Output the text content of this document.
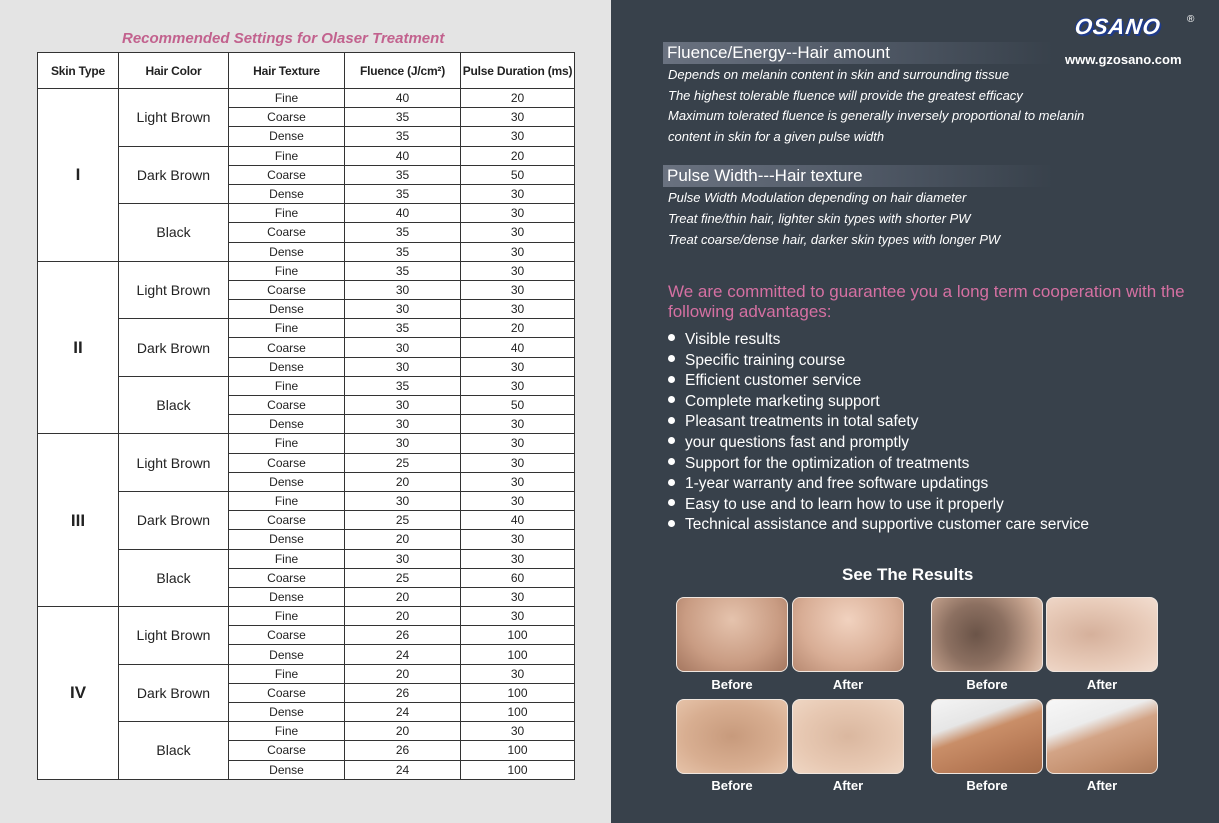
Recommended Settings for Olaser Treatment
Skin Type	Hair Color	Hair Texture	Fluence (J/cm²)	Pulse Duration (ms)
I	Light Brown	Fine	40	20
		Coarse	35	30
		Dense	35	30
	Dark Brown	Fine	40	20
		Coarse	35	50
		Dense	35	30
	Black	Fine	40	30
		Coarse	35	30
		Dense	35	30
II	Light Brown	Fine	35	30
		Coarse	30	30
		Dense	30	30
	Dark Brown	Fine	35	20
		Coarse	30	40
		Dense	30	30
	Black	Fine	35	30
		Coarse	30	50
		Dense	30	30
III	Light Brown	Fine	30	30
		Coarse	25	30
		Dense	20	30
	Dark Brown	Fine	30	30
		Coarse	25	40
		Dense	20	30
	Black	Fine	30	30
		Coarse	25	60
		Dense	20	30
IV	Light Brown	Fine	20	30
		Coarse	26	100
		Dense	24	100
	Dark Brown	Fine	20	30
		Coarse	26	100
		Dense	24	100
	Black	Fine	20	30
		Coarse	26	100
		Dense	24	100
OSANO	®
www.gzosano.com
Fluence/Energy--Hair amount
Depends on melanin content in skin and surrounding tissue
The highest tolerable fluence will provide the greatest efficacy
Maximum tolerated fluence is generally inversely proportional to melanin
content in skin for a given pulse width
Pulse Width---Hair texture
Pulse Width Modulation depending on hair diameter
Treat fine/thin hair, lighter skin types with shorter PW
Treat coarse/dense hair, darker skin types with longer PW
We are committed to guarantee you a long term cooperation with the following advantages:
Visible results
Specific training course
Efficient customer service
Complete marketing support
Pleasant treatments in total safety
your questions fast and promptly
Support for the optimization of treatments
1-year warranty and free software updatings
Easy to use and to learn how to use it properly
Technical assistance and supportive customer care service
See The Results
Before	After	Before	After
Before	After	Before	After
